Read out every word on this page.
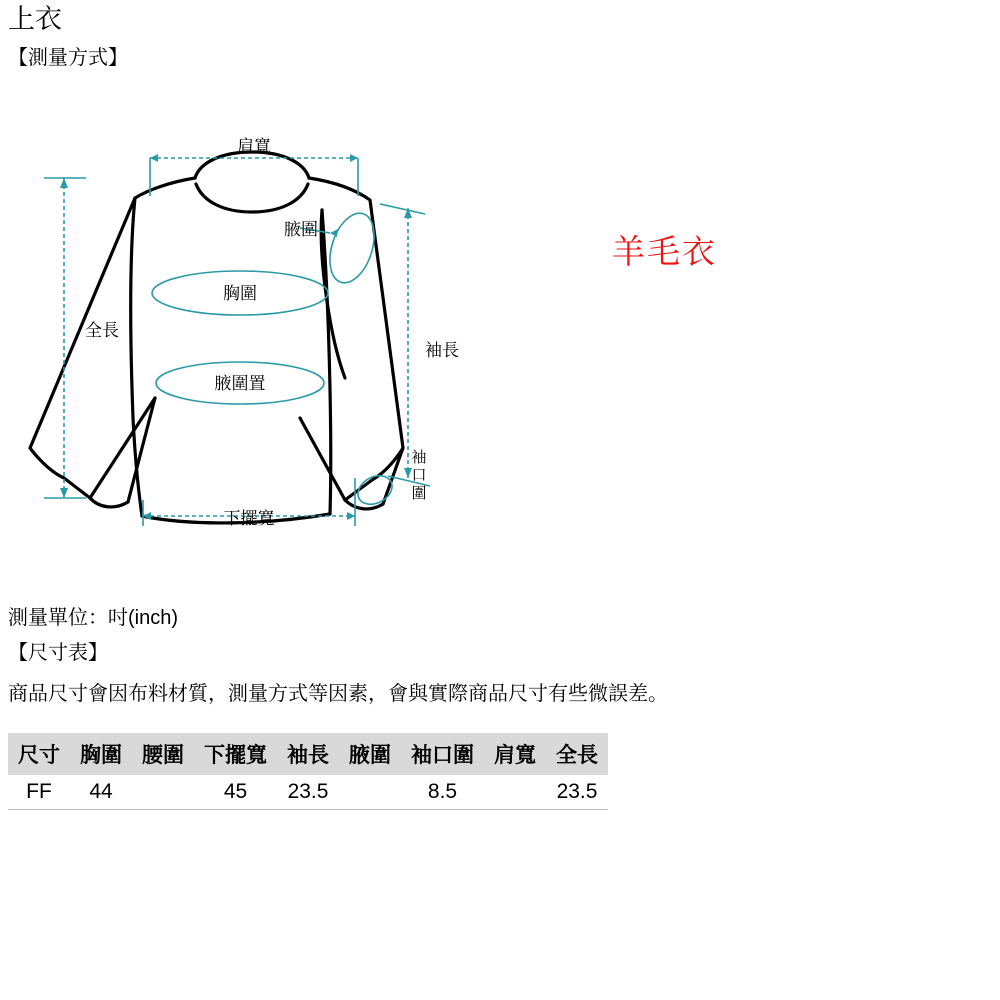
上衣
【測量方式】
肩寬
全長
胸圍
腋圍置
腋圍
袖長
下擺寬
袖
口
圍
羊毛衣
測量單位：吋(inch)
【尺寸表】
商品尺寸會因布料材質，測量方式等因素，會與實際商品尺寸有些微誤差。
尺寸	胸圍	腰圍	下擺寬	袖長	腋圍	袖口圍	肩寬	全長
FF	44		45	23.5		8.5		23.5
